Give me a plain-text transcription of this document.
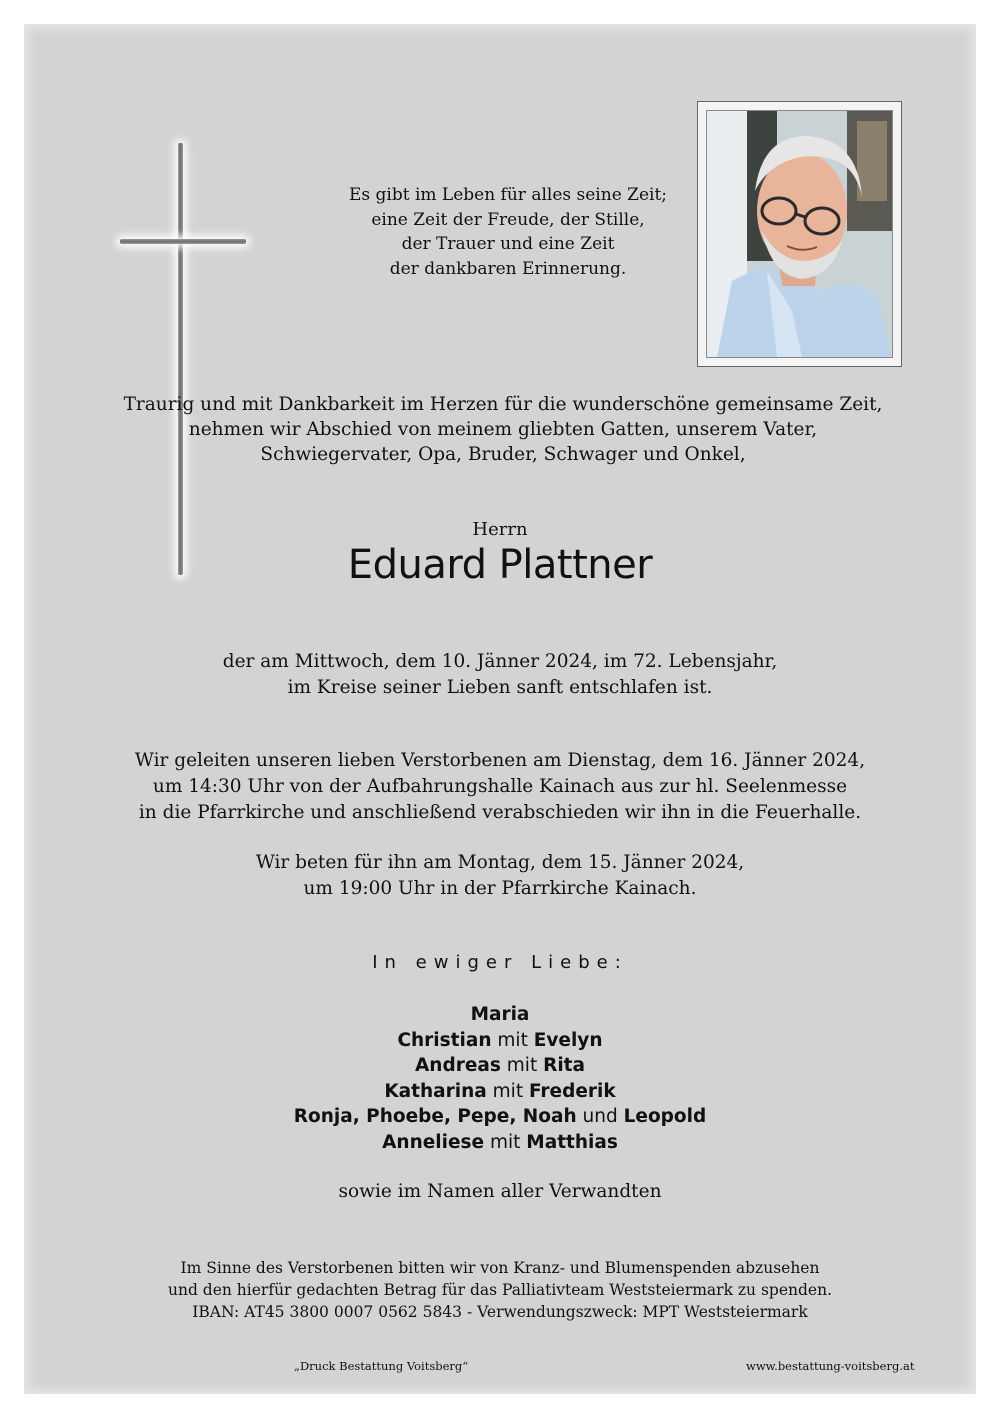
Es gibt im Leben für alles seine Zeit;
eine Zeit der Freude, der Stille,
der Trauer und eine Zeit
der dankbaren Erinnerung.
Traurig und mit Dankbarkeit im Herzen für die wunderschöne gemeinsame Zeit,
nehmen wir Abschied von meinem gliebten Gatten, unserem Vater,
Schwiegervater, Opa, Bruder, Schwager und Onkel,
Herrn
Eduard Plattner
der am Mittwoch, dem 10. Jänner 2024, im 72. Lebensjahr,
im Kreise seiner Lieben sanft entschlafen ist.
Wir geleiten unseren lieben Verstorbenen am Dienstag, dem 16. Jänner 2024,
um 14:30 Uhr von der Aufbahrungshalle Kainach aus zur hl. Seelenmesse
in die Pfarrkirche und anschließend verabschieden wir ihn in die Feuerhalle.
Wir beten für ihn am Montag, dem 15. Jänner 2024,
um 19:00 Uhr in der Pfarrkirche Kainach.
In ewiger Liebe:
Maria
Christian mit Evelyn
Andreas mit Rita
Katharina mit Frederik
Ronja, Phoebe, Pepe, Noah und Leopold
Anneliese mit Matthias
sowie im Namen aller Verwandten
Im Sinne des Verstorbenen bitten wir von Kranz- und Blumenspenden abzusehen
und den hierfür gedachten Betrag für das Palliativteam Weststeiermark zu spenden.
IBAN: AT45 3800 0007 0562 5843 - Verwendungszweck: MPT Weststeiermark
„Druck Bestattung Voitsberg“	www.bestattung-voitsberg.at
